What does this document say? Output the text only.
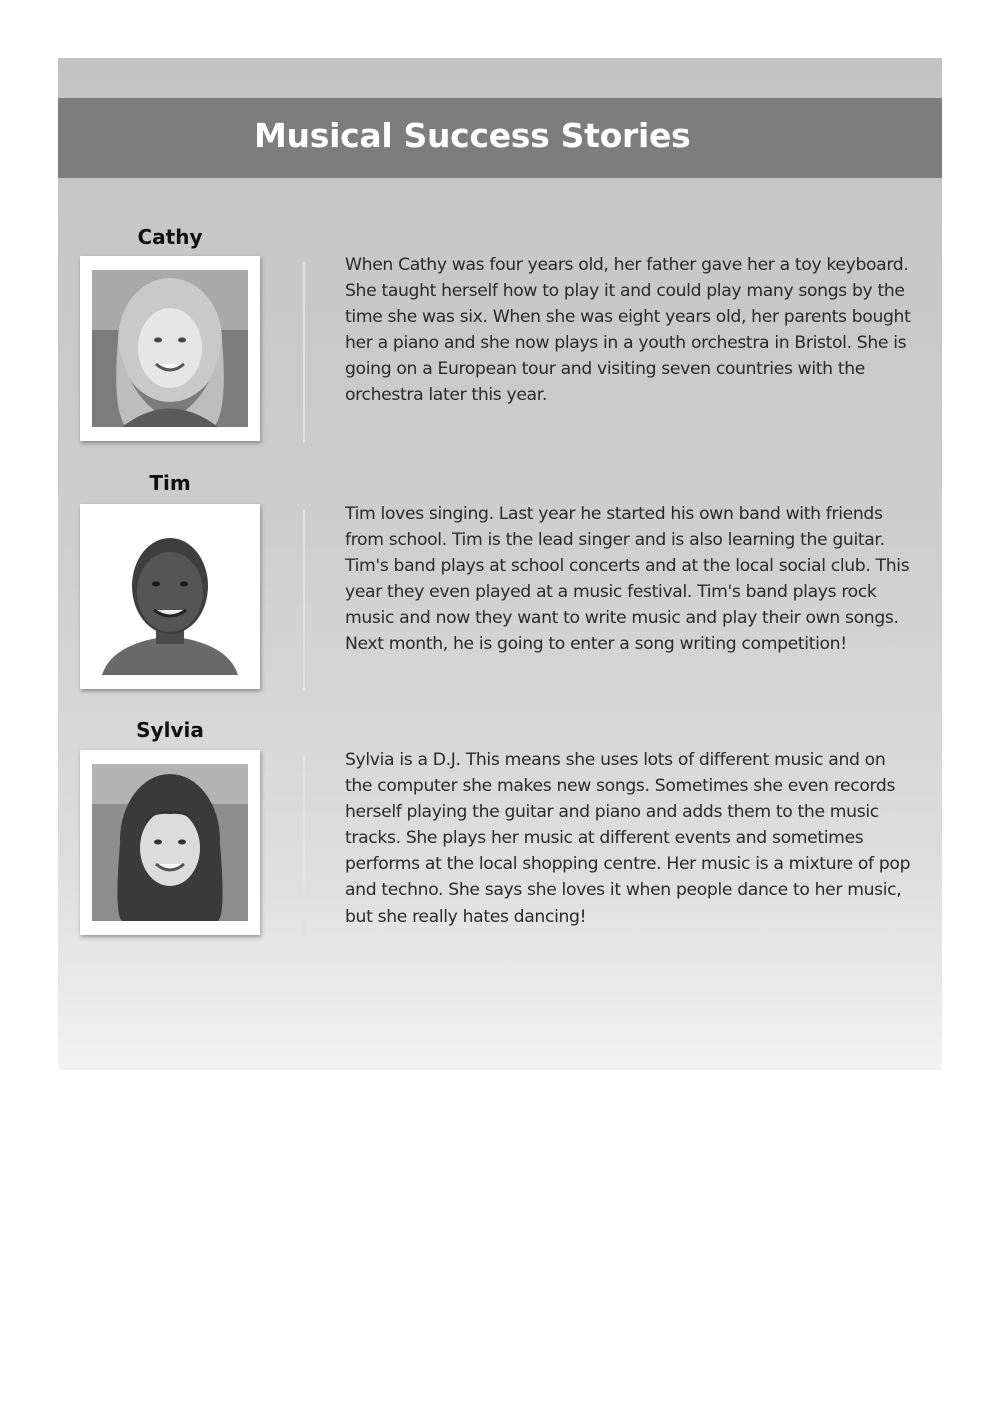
Musical Success Stories
Cathy

When Cathy was four years old, her father gave her a toy keyboard. She taught herself how to play it and could play many songs by the time she was six. When she was eight years old, her parents bought her a piano and she now plays in a youth orchestra in Bristol. She is going on a European tour and visiting seven countries with the orchestra later this year.

Tim

Tim loves singing. Last year he started his own band with friends from school. Tim is the lead singer and is also learning the guitar. Tim's band plays at school concerts and at the local social club. This year they even played at a music festival. Tim's band plays rock music and now they want to write music and play their own songs. Next month, he is going to enter a song writing competition!

Sylvia

Sylvia is a D.J. This means she uses lots of different music and on the computer she makes new songs. Sometimes she even records herself playing the guitar and piano and adds them to the music tracks. She plays her music at different events and sometimes performs at the local shopping centre. Her music is a mixture of pop and techno. She says she loves it when people dance to her music, but she really hates dancing!
